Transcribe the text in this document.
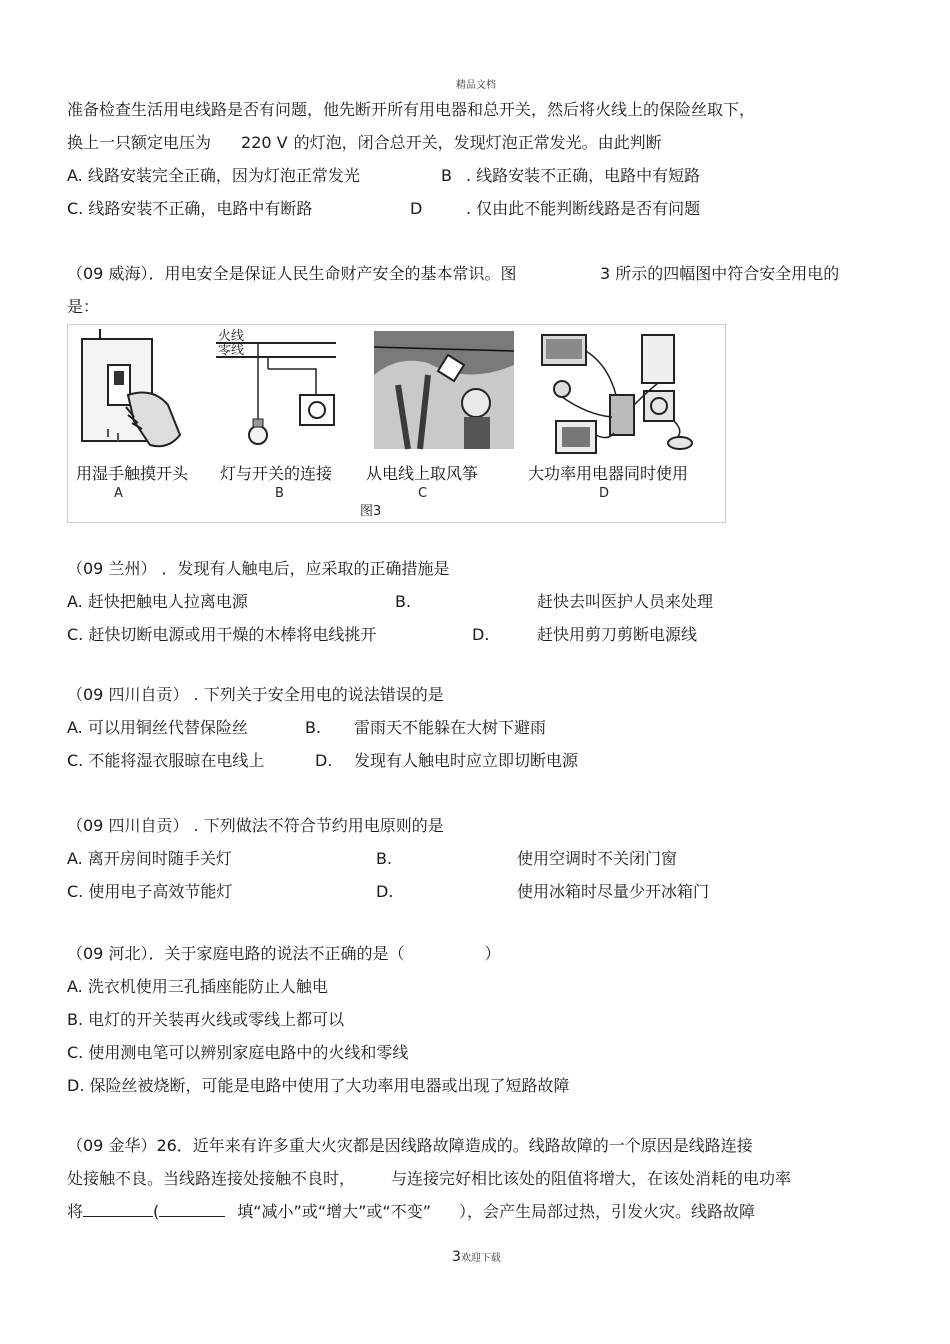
精品文档
准备检查生活用电线路是否有问题，他先断开所有用电器和总开关，然后将火线上的保险丝取下，
换上一只额定电压为 220 V 的灯泡，闭合总开关，发现灯泡正常发光。由此判断
A. 线路安装完全正确，因为灯泡正常发光	B . 线路安装不正确，电路中有短路
C. 线路安装不正确，电路中有断路	D	. 仅由此不能判断线路是否有问题
（09 威海）．用电安全是保证人民生命财产安全的基本常识。图	3 所示的四幅图中符合安全用电的
是：
火线
零线
用湿手触摸开头 灯与开关的连接 从电线上取风筝	大功率用电器同时使用
A	B	C	D
图3
（09 兰州） ．发现有人触电后，应采取的正确措施是
A. 赶快把触电人拉离电源	B.	赶快去叫医护人员来处理
C. 赶快切断电源或用干燥的木棒将电线挑开	D.	赶快用剪刀剪断电源线
（09 四川自贡） . 下列关于安全用电的说法错误的是
A. 可以用铜丝代替保险丝	B. 雷雨天不能躲在大树下避雨
C. 不能将湿衣服晾在电线上	D. 发现有人触电时应立即切断电源
（09 四川自贡） . 下列做法不符合节约用电原则的是
A. 离开房间时随手关灯	B.	使用空调时不关闭门窗
C. 使用电子高效节能灯	D.	使用冰箱时尽量少开冰箱门
（09 河北）．关于家庭电路的说法不正确的是（	）
A. 洗衣机使用三孔插座能防止人触电
B. 电灯的开关装再火线或零线上都可以
C. 使用测电笔可以辨别家庭电路中的火线和零线
D. 保险丝被烧断，可能是电路中使用了大功率用电器或出现了短路故障
（09 金华）26．近年来有许多重大火灾都是因线路故障造成的。线路故障的一个原因是线路连接
处接触不良。当线路连接处接触不良时， 与连接完好相比该处的阻值将增大，在该处消耗的电功率
将	(	填“减小”或“增大”或“不变” ），会产生局部过热，引发火灾。线路故障
3欢迎下载
